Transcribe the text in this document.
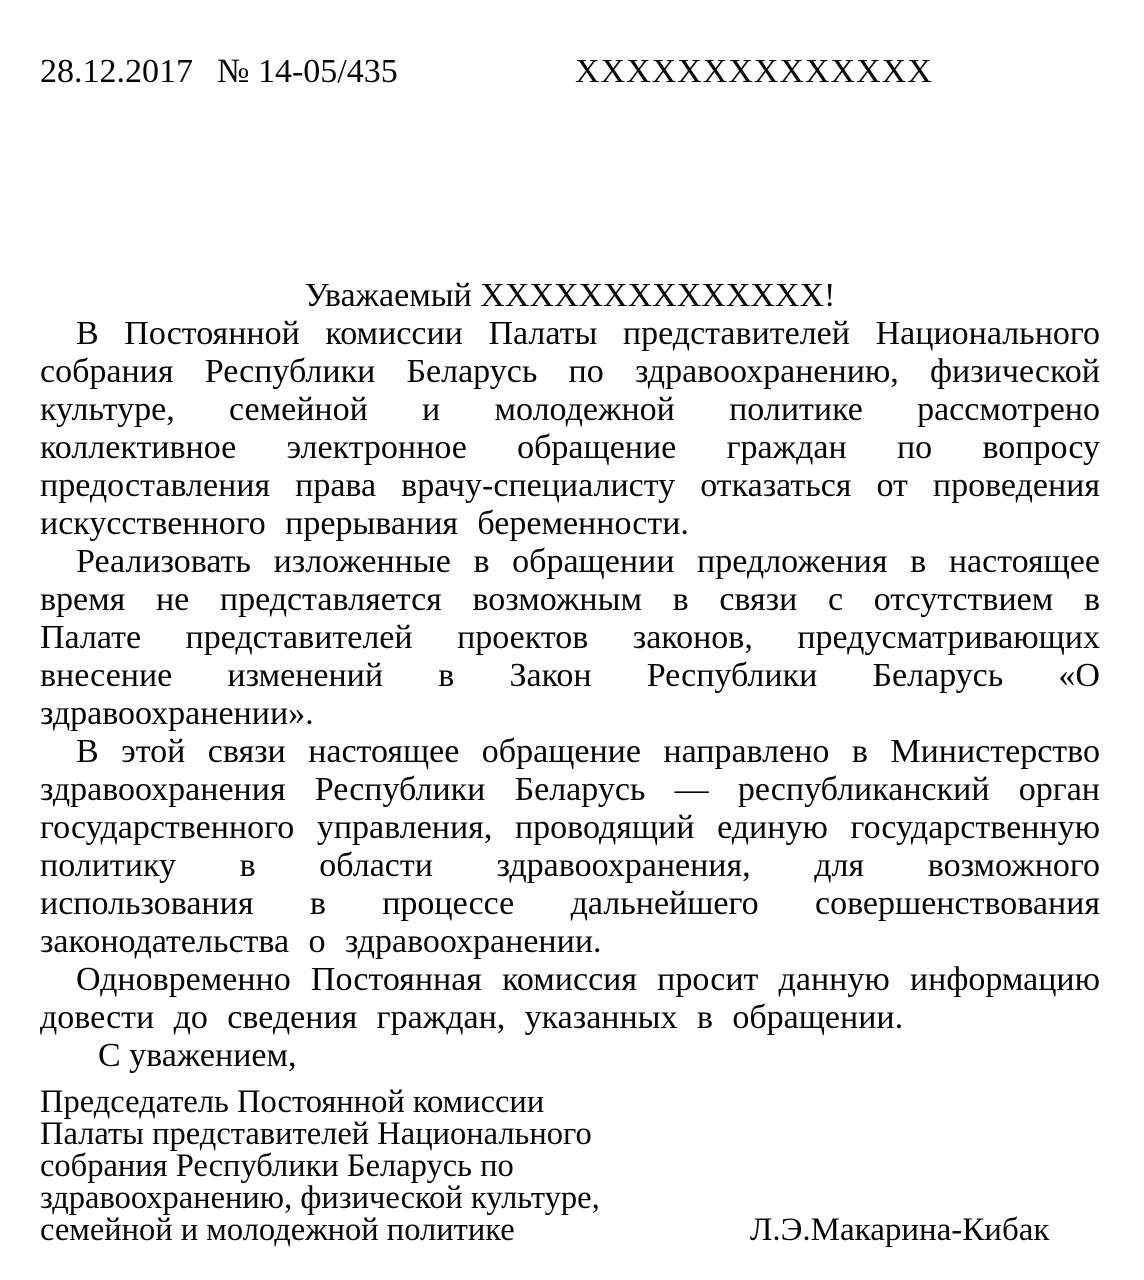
28.12.2017 № 14-05/435	XXXXXXXXXXXXXX

Уважаемый XXXXXXXXXXXXXX!

В Постоянной комиссии Палаты представителей Национального собрания Республики Беларусь по здравоохранению, физической культуре, семейной и молодежной политике рассмотрено коллективное электронное обращение граждан по вопросу предоставления права врачу-специалисту отказаться от проведения искусственного прерывания беременности.

Реализовать изложенные в обращении предложения в настоящее время не представляется возможным в связи с отсутствием в Палате представителей проектов законов, предусматривающих внесение изменений в Закон Республики Беларусь «О здравоохранении».

В этой связи настоящее обращение направлено в Министерство здравоохранения Республики Беларусь — республиканский орган государственного управления, проводящий единую государственную политику в области здравоохранения, для возможного использования в процессе дальнейшего совершенствования законодательства о здравоохранении.

Одновременно Постоянная комиссия просит данную информацию довести до сведения граждан, указанных в обращении.

С уважением,

Председатель Постоянной комиссии
Палаты представителей Национального
собрания Республики Беларусь по
здравоохранению, физической культуре,
семейной и молодежной политике	Л.Э.Макарина-Кибак
